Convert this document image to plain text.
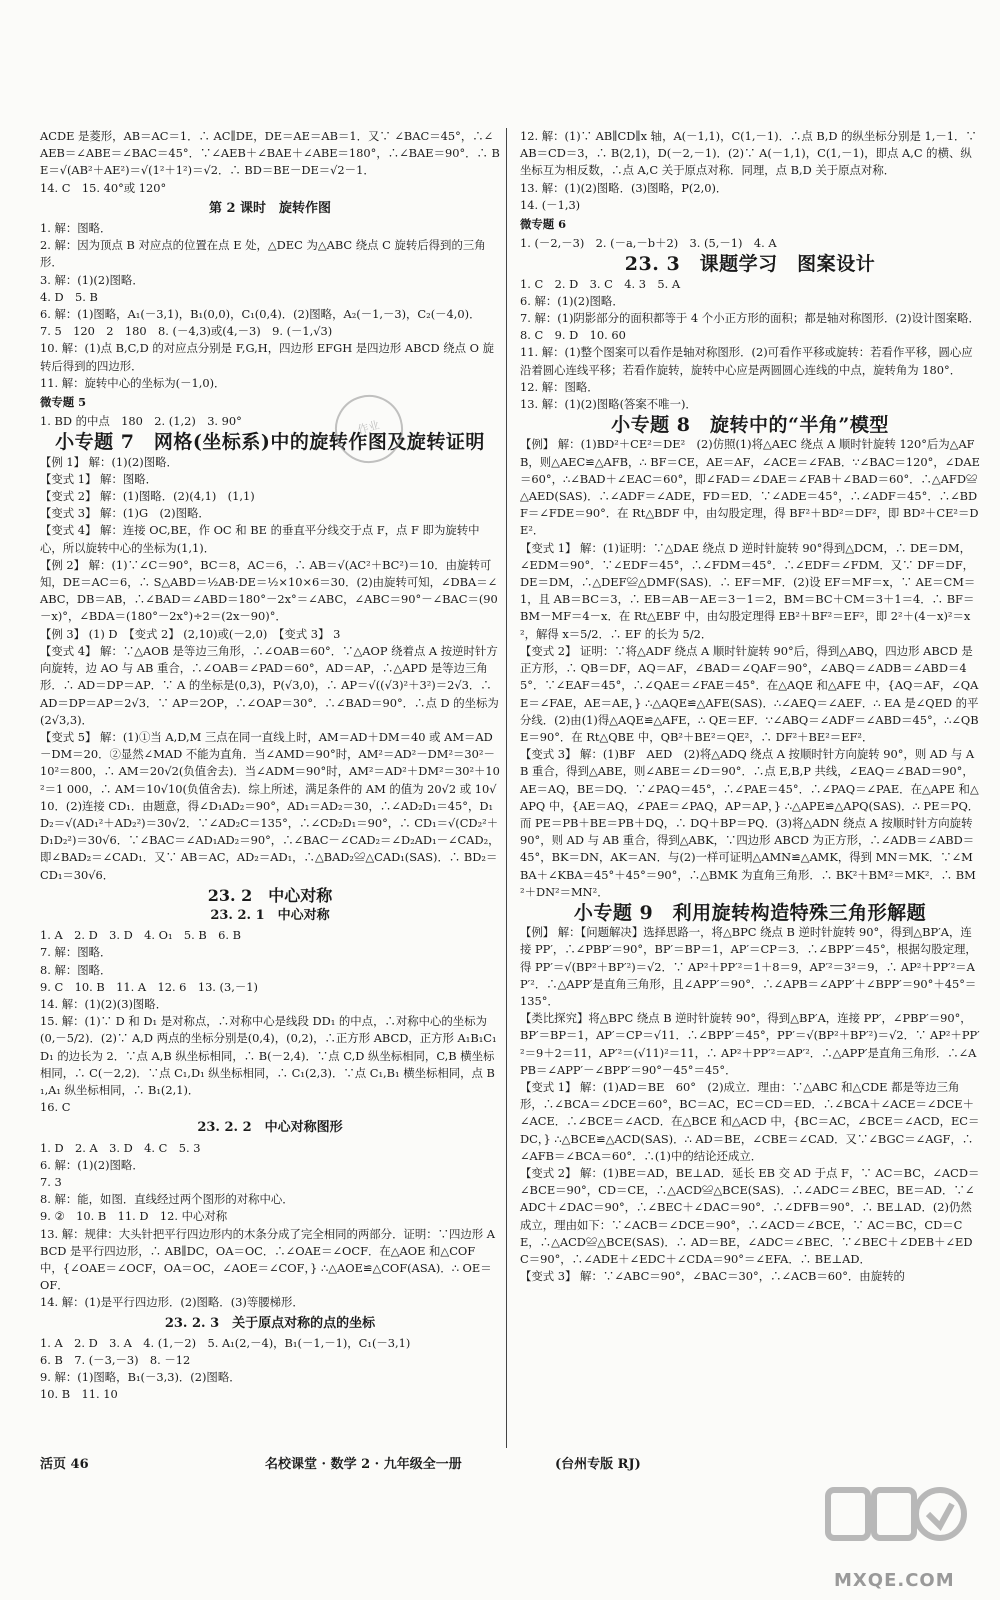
ACDE 是菱形，AB＝AC＝1．∴ AC∥DE，DE＝AE＝AB＝1．又∵ ∠BAC＝45°，∴∠AEB＝∠ABE＝∠BAC＝45°．∵∠AEB＋∠BAE＋∠ABE＝180°，∴∠BAE＝90°．∴ BE＝√(AB²＋AE²)＝√(1²＋1²)＝√2．∴ BD＝BE－DE＝√2－1．

14. C　15. 40°或 120°

第 2 课时　旋转作图

1. 解：图略．
2. 解：因为顶点 B 对应点的位置在点 E 处，△DEC 为△ABC 绕点 C 旋转后得到的三角形．
3. 解：(1)(2)图略．
4. D　5. B
6. 解：(1)图略，A₁(－3,1)，B₁(0,0)，C₁(0,4)．(2)图略，A₂(－1,－3)，C₂(－4,0)．
7. 5　120　2　180　8. (－4,3)或(4,－3)　9. (－1,√3)
10. 解：(1)点 B,C,D 的对应点分别是 F,G,H，四边形 EFGH 是四边形 ABCD 绕点 O 旋转后得到的四边形．
11. 解：旋转中心的坐标为(－1,0)．

微专题 5

1. BD 的中点　180　2. (1,2)　3. 90°

小专题 7　网格(坐标系)中的旋转作图及旋转证明

【例 1】 解：(1)(2)图略．
【变式 1】 解：图略．
【变式 2】 解：(1)图略．(2)(4,1)　(1,1)
【变式 3】 解：(1)G　(2)图略．
【变式 4】 解：连接 OC,BE，作 OC 和 BE 的垂直平分线交于点 F，点 F 即为旋转中心，所以旋转中心的坐标为(1,1)．
【例 2】 解：(1)∵∠C＝90°，BC＝8，AC＝6，∴ AB＝√(AC²＋BC²)＝10．由旋转可知，DE＝AC＝6，∴ S△ABD＝½AB·DE＝½×10×6＝30．(2)由旋转可知，∠DBA＝∠ABC，DB＝AB，∴∠BAD＝∠ABD＝180°－2x°＝∠ABC，∠ABC＝90°－∠BAC＝(90－x)°，∠BDA＝(180°－2x°)÷2＝(2x－90)°．
【例 3】 (1) D　【变式 2】 (2,10)或(－2,0)　【变式 3】 3
【变式 4】 解：∵△AOB 是等边三角形，∴∠OAB＝60°．∵△AOP 绕着点 A 按逆时针方向旋转，边 AO 与 AB 重合，∴∠OAB＝∠PAD＝60°，AD＝AP，∴△APD 是等边三角形．∴ AD＝DP＝AP．∵ A 的坐标是(0,3)，P(√3,0)，∴ AP＝√((√3)²＋3²)＝2√3．∴ AD＝DP＝AP＝2√3．∵ AP＝2OP，∴∠OAP＝30°．∴∠BAD＝90°．∴点 D 的坐标为(2√3,3)．
【变式 5】 解：(1)①当 A,D,M 三点在同一直线上时，AM＝AD＋DM＝40 或 AM＝AD－DM＝20．②显然∠MAD 不能为直角．当∠AMD＝90°时，AM²＝AD²－DM²＝30²－10²＝800，∴ AM＝20√2(负值舍去)．当∠ADM＝90°时，AM²＝AD²＋DM²＝30²＋10²＝1 000，∴ AM＝10√10(负值舍去)．综上所述，满足条件的 AM 的值为 20√2 或 10√10．(2)连接 CD₁．由题意，得∠D₁AD₂＝90°，AD₁＝AD₂＝30，∴∠AD₂D₁＝45°，D₁D₂＝√(AD₁²＋AD₂²)＝30√2．∵∠AD₂C＝135°，∴∠CD₂D₁＝90°，∴ CD₁＝√(CD₂²＋D₁D₂²)＝30√6．∵∠BAC＝∠AD₁AD₂＝90°，∴∠BAC－∠CAD₂＝∠D₂AD₁－∠CAD₂，即∠BAD₂＝∠CAD₁．又∵ AB＝AC，AD₂＝AD₁，∴△BAD₂≌△CAD₁(SAS)．∴ BD₂＝CD₁＝30√6．

23. 2　中心对称
23. 2. 1　中心对称

1. A　2. D　3. D　4. O₁　5. B　6. B
7. 解：图略．
8. 解：图略．
9. C　10. B　11. A　12. 6　13. (3,－1)
14. 解：(1)(2)(3)图略．
15. 解：(1)∵ D 和 D₁ 是对称点，∴对称中心是线段 DD₁ 的中点，∴对称中心的坐标为(0,－5/2)．(2)∵ A,D 两点的坐标分别是(0,4)，(0,2)，∴正方形 ABCD，正方形 A₁B₁C₁D₁ 的边长为 2．∵点 A,B 纵坐标相同，∴ B(－2,4)．∵点 C,D 纵坐标相同，C,B 横坐标相同，∴ C(－2,2)．∵点 C₁,D₁ 纵坐标相同，∴ C₁(2,3)．∵点 C₁,B₁ 横坐标相同，点 B₁,A₁ 纵坐标相同，∴ B₁(2,1)．
16. C

23. 2. 2　中心对称图形

1. D　2. A　3. D　4. C　5. 3
6. 解：(1)(2)图略．
7. 3
8. 解：能，如图．直线经过两个图形的对称中心．
9. ②　10. B　11. D　12. 中心对称
13. 解：规律：大头针把平行四边形内的木条分成了完全相同的两部分．证明：∵四边形 ABCD 是平行四边形，∴ AB∥DC，OA＝OC．∴∠OAE＝∠OCF．在△AOE 和△COF 中，{∠OAE＝∠OCF，OA＝OC，∠AOE＝∠COF，} ∴△AOE≌△COF(ASA)．∴ OE＝OF．
14. 解：(1)是平行四边形．(2)图略．(3)等腰梯形．

23. 2. 3　关于原点对称的点的坐标

1. A　2. D　3. A　4. (1,－2)　5. A₁(2,－4)，B₁(－1,－1)，C₁(－3,1)
6. B　7. (－3,－3)　8. －12
9. 解：(1)图略，B₁(－3,3)．(2)图略．
10. B　11. 10

12. 解：(1)∵ AB∥CD∥x 轴，A(－1,1)，C(1,－1)．∴点 B,D 的纵坐标分别是 1,－1．∵ AB＝CD＝3，∴ B(2,1)，D(－2,－1)．(2)∵ A(－1,1)，C(1,－1)，即点 A,C 的横、纵坐标互为相反数，∴点 A,C 关于原点对称．同理，点 B,D 关于原点对称．
13. 解：(1)(2)图略．(3)图略，P(2,0)．
14. (－1,3)

微专题 6

1. (－2,－3)　2. (－a,－b＋2)　3. (5,－1)　4. A

23. 3　课题学习　图案设计

1. C　2. D　3. C　4. 3　5. A
6. 解：(1)(2)图略．
7. 解：(1)阴影部分的面积都等于 4 个小正方形的面积；都是轴对称图形．(2)设计图案略．
8. C　9. D　10. 60
11. 解：(1)整个图案可以看作是轴对称图形．(2)可看作平移或旋转：若看作平移，圆心应沿着圆心连线平移；若看作旋转，旋转中心应是两圆圆心连线的中点，旋转角为 180°．
12. 解：图略．
13. 解：(1)(2)图略(答案不唯一)．

小专题 8　旋转中的“半角”模型

【例】 解：(1)BD²＋CE²＝DE²　(2)仿照(1)将△AEC 绕点 A 顺时针旋转 120°后为△AFB，则△AEC≌△AFB，∴ BF＝CE，AE＝AF，∠ACE＝∠FAB．∵∠BAC＝120°，∠DAE＝60°，∴∠BAD＋∠EAC＝60°，即∠FAD＝∠DAE＝∠FAB＋∠BAD＝60°．∴△AFD≌△AED(SAS)．∴∠ADF＝∠ADE，FD＝ED．∵∠ADE＝45°，∴∠ADF＝45°．∴∠BDF＝∠FDE＝90°．在 Rt△BDF 中，由勾股定理，得 BF²＋BD²＝DF²，即 BD²＋CE²＝DE²．
【变式 1】 解：(1)证明：∵△DAE 绕点 D 逆时针旋转 90°得到△DCM，∴ DE＝DM，∠EDM＝90°．∵∠EDF＝45°，∴∠FDM＝45°．∴∠EDF＝∠FDM．又∵ DF＝DF，DE＝DM，∴△DEF≌△DMF(SAS)．∴ EF＝MF．(2)设 EF＝MF＝x，∵ AE＝CM＝1，且 AB＝BC＝3，∴ EB＝AB－AE＝3－1＝2，BM＝BC＋CM＝3＋1＝4．∴ BF＝BM－MF＝4－x．在 Rt△EBF 中，由勾股定理得 EB²＋BF²＝EF²，即 2²＋(4－x)²＝x²，解得 x＝5/2．∴ EF 的长为 5/2．
【变式 2】 证明：∵将△ADF 绕点 A 顺时针旋转 90°后，得到△ABQ，四边形 ABCD 是正方形，∴ QB＝DF，AQ＝AF，∠BAD＝∠QAF＝90°，∠ABQ＝∠ADB＝∠ABD＝45°．∵∠EAF＝45°，∴∠QAE＝∠FAE＝45°．在△AQE 和△AFE 中，{AQ＝AF，∠QAE＝∠FAE，AE＝AE，} ∴△AQE≌△AFE(SAS)．∴∠AEQ＝∠AEF．∴ EA 是∠QED 的平分线．(2)由(1)得△AQE≌△AFE，∴ QE＝EF．∵∠ABQ＝∠ADF＝∠ABD＝45°，∴∠QBE＝90°．在 Rt△QBE 中，QB²＋BE²＝QE²，∴ DF²＋BE²＝EF²．
【变式 3】 解：(1)BF　AED　(2)将△ADQ 绕点 A 按顺时针方向旋转 90°，则 AD 与 AB 重合，得到△ABE，则∠ABE＝∠D＝90°．∴点 E,B,P 共线，∠EAQ＝∠BAD＝90°，AE＝AQ，BE＝DQ．∵∠PAQ＝45°，∴∠PAE＝45°．∴∠PAQ＝∠PAE．在△APE 和△APQ 中，{AE＝AQ，∠PAE＝∠PAQ，AP＝AP，} ∴△APE≌△APQ(SAS)．∴ PE＝PQ．而 PE＝PB＋BE＝PB＋DQ，∴ DQ＋BP＝PQ．(3)将△ADN 绕点 A 按顺时针方向旋转 90°，则 AD 与 AB 重合，得到△ABK，∵四边形 ABCD 为正方形，∴∠ADB＝∠ABD＝45°，BK＝DN，AK＝AN．与(2)一样可证明△AMN≌△AMK，得到 MN＝MK．∵∠MBA＋∠KBA＝45°＋45°＝90°，∴△BMK 为直角三角形．∴ BK²＋BM²＝MK²．∴ BM²＋DN²＝MN²．

小专题 9　利用旋转构造特殊三角形解题

【例】 解：【问题解决】选择思路一，将△BPC 绕点 B 逆时针旋转 90°，得到△BP′A，连接 PP′，∴∠PBP′＝90°，BP′＝BP＝1，AP′＝CP＝3．∴∠BPP′＝45°，根据勾股定理，得 PP′＝√(BP²＋BP′²)＝√2．∵ AP²＋PP′²＝1＋8＝9，AP′²＝3²＝9，∴ AP²＋PP′²＝AP′²．∴△APP′是直角三角形，且∠APP′＝90°．∴∠APB＝∠APP′＋∠BPP′＝90°＋45°＝135°．
【类比探究】将△BPC 绕点 B 逆时针旋转 90°，得到△BP′A，连接 PP′，∠PBP′＝90°，BP′＝BP＝1，AP′＝CP＝√11．∴∠BPP′＝45°，PP′＝√(BP²＋BP′²)＝√2．∵ AP²＋PP′²＝9＋2＝11，AP′²＝(√11)²＝11，∴ AP²＋PP′²＝AP′²．∴△APP′是直角三角形．∴∠APB＝∠APP′－∠BPP′＝90°－45°＝45°．
【变式 1】 解：(1)AD＝BE　60°　(2)成立．理由：∵△ABC 和△CDE 都是等边三角形，∴∠BCA＝∠DCE＝60°，BC＝AC，EC＝CD＝ED．∴∠BCA＋∠ACE＝∠DCE＋∠ACE．∴∠BCE＝∠ACD．在△BCE 和△ACD 中，{BC＝AC，∠BCE＝∠ACD，EC＝DC，} ∴△BCE≌△ACD(SAS)．∴ AD＝BE，∠CBE＝∠CAD．又∵∠BGC＝∠AGF，∴∠AFB＝∠BCA＝60°．∴(1)中的结论还成立．
【变式 2】 解：(1)BE＝AD，BE⊥AD．延长 EB 交 AD 于点 F，∵ AC＝BC，∠ACD＝∠BCE＝90°，CD＝CE，∴△ACD≌△BCE(SAS)．∴∠ADC＝∠BEC，BE＝AD．∵∠ADC＋∠DAC＝90°，∴∠BEC＋∠DAC＝90°．∴∠DFB＝90°．∴ BE⊥AD．(2)仍然成立，理由如下：∵∠ACB＝∠DCE＝90°，∴∠ACD＝∠BCE，∵ AC＝BC，CD＝CE，∴△ACD≌△BCE(SAS)．∴ AD＝BE，∠ADC＝∠BEC．∵∠BEC＋∠DEB＋∠EDC＝90°，∴∠ADE＋∠EDC＋∠CDA＝90°＝∠EFA．∴ BE⊥AD．
【变式 3】 解：∵∠ABC＝90°，∠BAC＝30°，∴∠ACB＝60°．由旋转的

作业
活页 46	名校课堂 · 数学 2 · 九年级全一册	(台州专版 RJ)
MXQE.COM
